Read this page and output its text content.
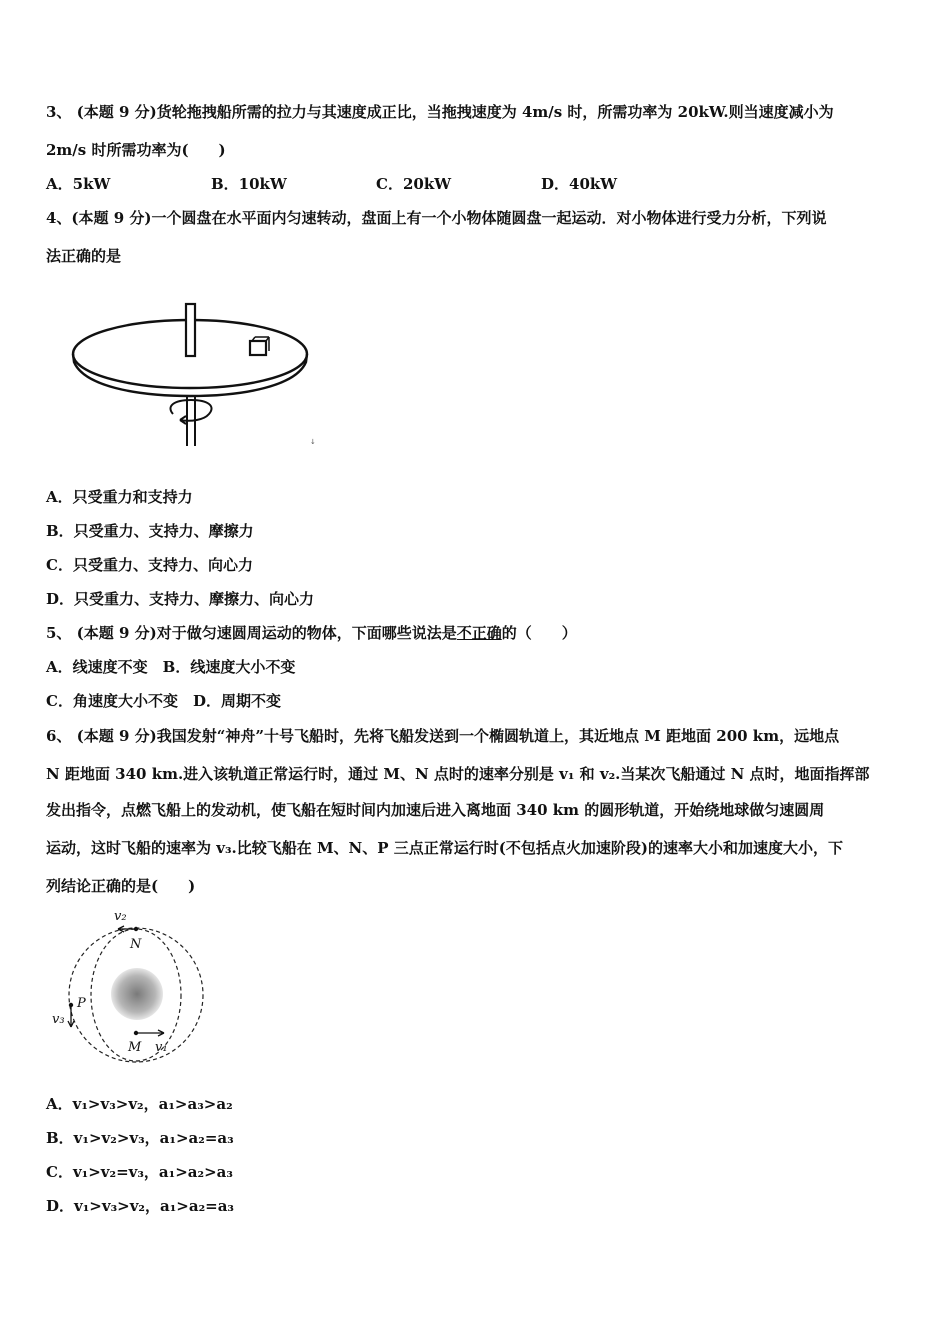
3、 (本题 9 分)货轮拖拽船所需的拉力与其速度成正比，当拖拽速度为 4m/s 时，所需功率为 20kW.则当速度减小为
2m/s 时所需功率为(　　)
A．5kW	B．10kW	C．20kW	D．40kW
4、(本题 9 分)一个圆盘在水平面内匀速转动，盘面上有一个小物体随圆盘一起运动．对小物体进行受力分析，下列说
法正确的是
↓
A．只受重力和支持力
B．只受重力、支持力、摩擦力
C．只受重力、支持力、向心力
D．只受重力、支持力、摩擦力、向心力
5、 (本题 9 分)对于做匀速圆周运动的物体，下面哪些说法是不正确的（　　）
A．线速度不变　B．线速度大小不变
C．角速度大小不变　D．周期不变
6、 (本题 9 分)我国发射“神舟”十号飞船时，先将飞船发送到一个椭圆轨道上，其近地点 M 距地面 200 km，远地点
N 距地面 340 km.进入该轨道正常运行时，通过 M、N 点时的速率分别是 v₁ 和 v₂.当某次飞船通过 N 点时，地面指挥部
发出指令，点燃飞船上的发动机，使飞船在短时间内加速后进入离地面 340 km 的圆形轨道，开始绕地球做匀速圆周
运动，这时飞船的速率为 v₃.比较飞船在 M、N、P 三点正常运行时(不包括点火加速阶段)的速率大小和加速度大小，下
列结论正确的是(　　)
v₂
N
M v₁
P
v₃
A．v₁>v₃>v₂，a₁>a₃>a₂
B．v₁>v₂>v₃，a₁>a₂=a₃
C．v₁>v₂=v₃，a₁>a₂>a₃
D．v₁>v₃>v₂，a₁>a₂=a₃
